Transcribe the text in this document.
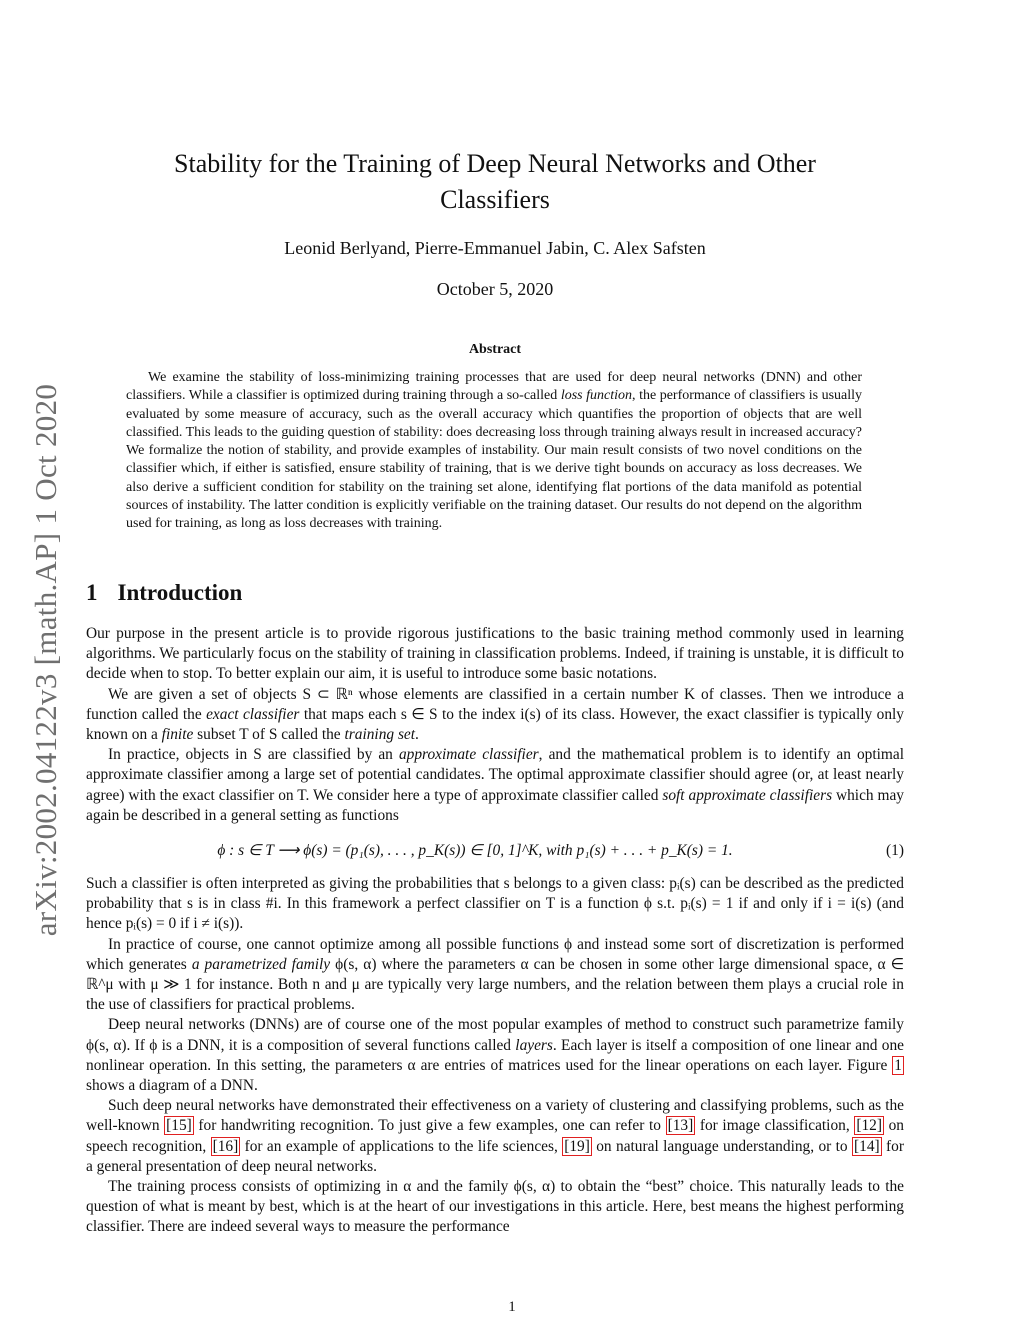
arXiv:2002.04122v3 [math.AP] 1 Oct 2020
Stability for the Training of Deep Neural Networks and Other
Classifiers
Leonid Berlyand, Pierre-Emmanuel Jabin, C. Alex Safsten
October 5, 2020
Abstract
We examine the stability of loss-minimizing training processes that are used for deep neural networks (DNN) and other classifiers. While a classifier is optimized during training through a so-called loss function, the performance of classifiers is usually evaluated by some measure of accuracy, such as the overall accuracy which quantifies the proportion of objects that are well classified. This leads to the guiding question of stability: does decreasing loss through training always result in increased accuracy? We formalize the notion of stability, and provide examples of instability. Our main result consists of two novel conditions on the classifier which, if either is satisfied, ensure stability of training, that is we derive tight bounds on accuracy as loss decreases. We also derive a sufficient condition for stability on the training set alone, identifying flat portions of the data manifold as potential sources of instability. The latter condition is explicitly verifiable on the training dataset. Our results do not depend on the algorithm used for training, as long as loss decreases with training.
1 Introduction

Our purpose in the present article is to provide rigorous justifications to the basic training method commonly used in learning algorithms. We particularly focus on the stability of training in classification problems. Indeed, if training is unstable, it is difficult to decide when to stop. To better explain our aim, it is useful to introduce some basic notations.

We are given a set of objects S ⊂ ℝⁿ whose elements are classified in a certain number K of classes. Then we introduce a function called the exact classifier that maps each s ∈ S to the index i(s) of its class. However, the exact classifier is typically only known on a finite subset T of S called the training set.

In practice, objects in S are classified by an approximate classifier, and the mathematical problem is to identify an optimal approximate classifier among a large set of potential candidates. The optimal approximate classifier should agree (or, at least nearly agree) with the exact classifier on T. We consider here a type of approximate classifier called soft approximate classifiers which may again be described in a general setting as functions

ϕ : s ∈ T ⟶ ϕ(s) = (p₁(s), . . . , p_K(s)) ∈ [0, 1]^K, with p₁(s) + . . . + p_K(s) = 1.	(1)

Such a classifier is often interpreted as giving the probabilities that s belongs to a given class: pᵢ(s) can be described as the predicted probability that s is in class #i. In this framework a perfect classifier on T is a function ϕ s.t. pᵢ(s) = 1 if and only if i = i(s) (and hence pᵢ(s) = 0 if i ≠ i(s)).

In practice of course, one cannot optimize among all possible functions ϕ and instead some sort of discretization is performed which generates a parametrized family ϕ(s, α) where the parameters α can be chosen in some other large dimensional space, α ∈ ℝ^μ with μ ≫ 1 for instance. Both n and μ are typically very large numbers, and the relation between them plays a crucial role in the use of classifiers for practical problems.

Deep neural networks (DNNs) are of course one of the most popular examples of method to construct such parametrize family ϕ(s, α). If ϕ is a DNN, it is a composition of several functions called layers. Each layer is itself a composition of one linear and one nonlinear operation. In this setting, the parameters α are entries of matrices used for the linear operations on each layer. Figure 1 shows a diagram of a DNN.

Such deep neural networks have demonstrated their effectiveness on a variety of clustering and classifying problems, such as the well-known [15] for handwriting recognition. To just give a few examples, one can refer to [13] for image classification, [12] on speech recognition, [16] for an example of applications to the life sciences, [19] on natural language understanding, or to [14] for a general presentation of deep neural networks.

The training process consists of optimizing in α and the family ϕ(s, α) to obtain the “best” choice. This naturally leads to the question of what is meant by best, which is at the heart of our investigations in this article. Here, best means the highest performing classifier. There are indeed several ways to measure the performance

1
